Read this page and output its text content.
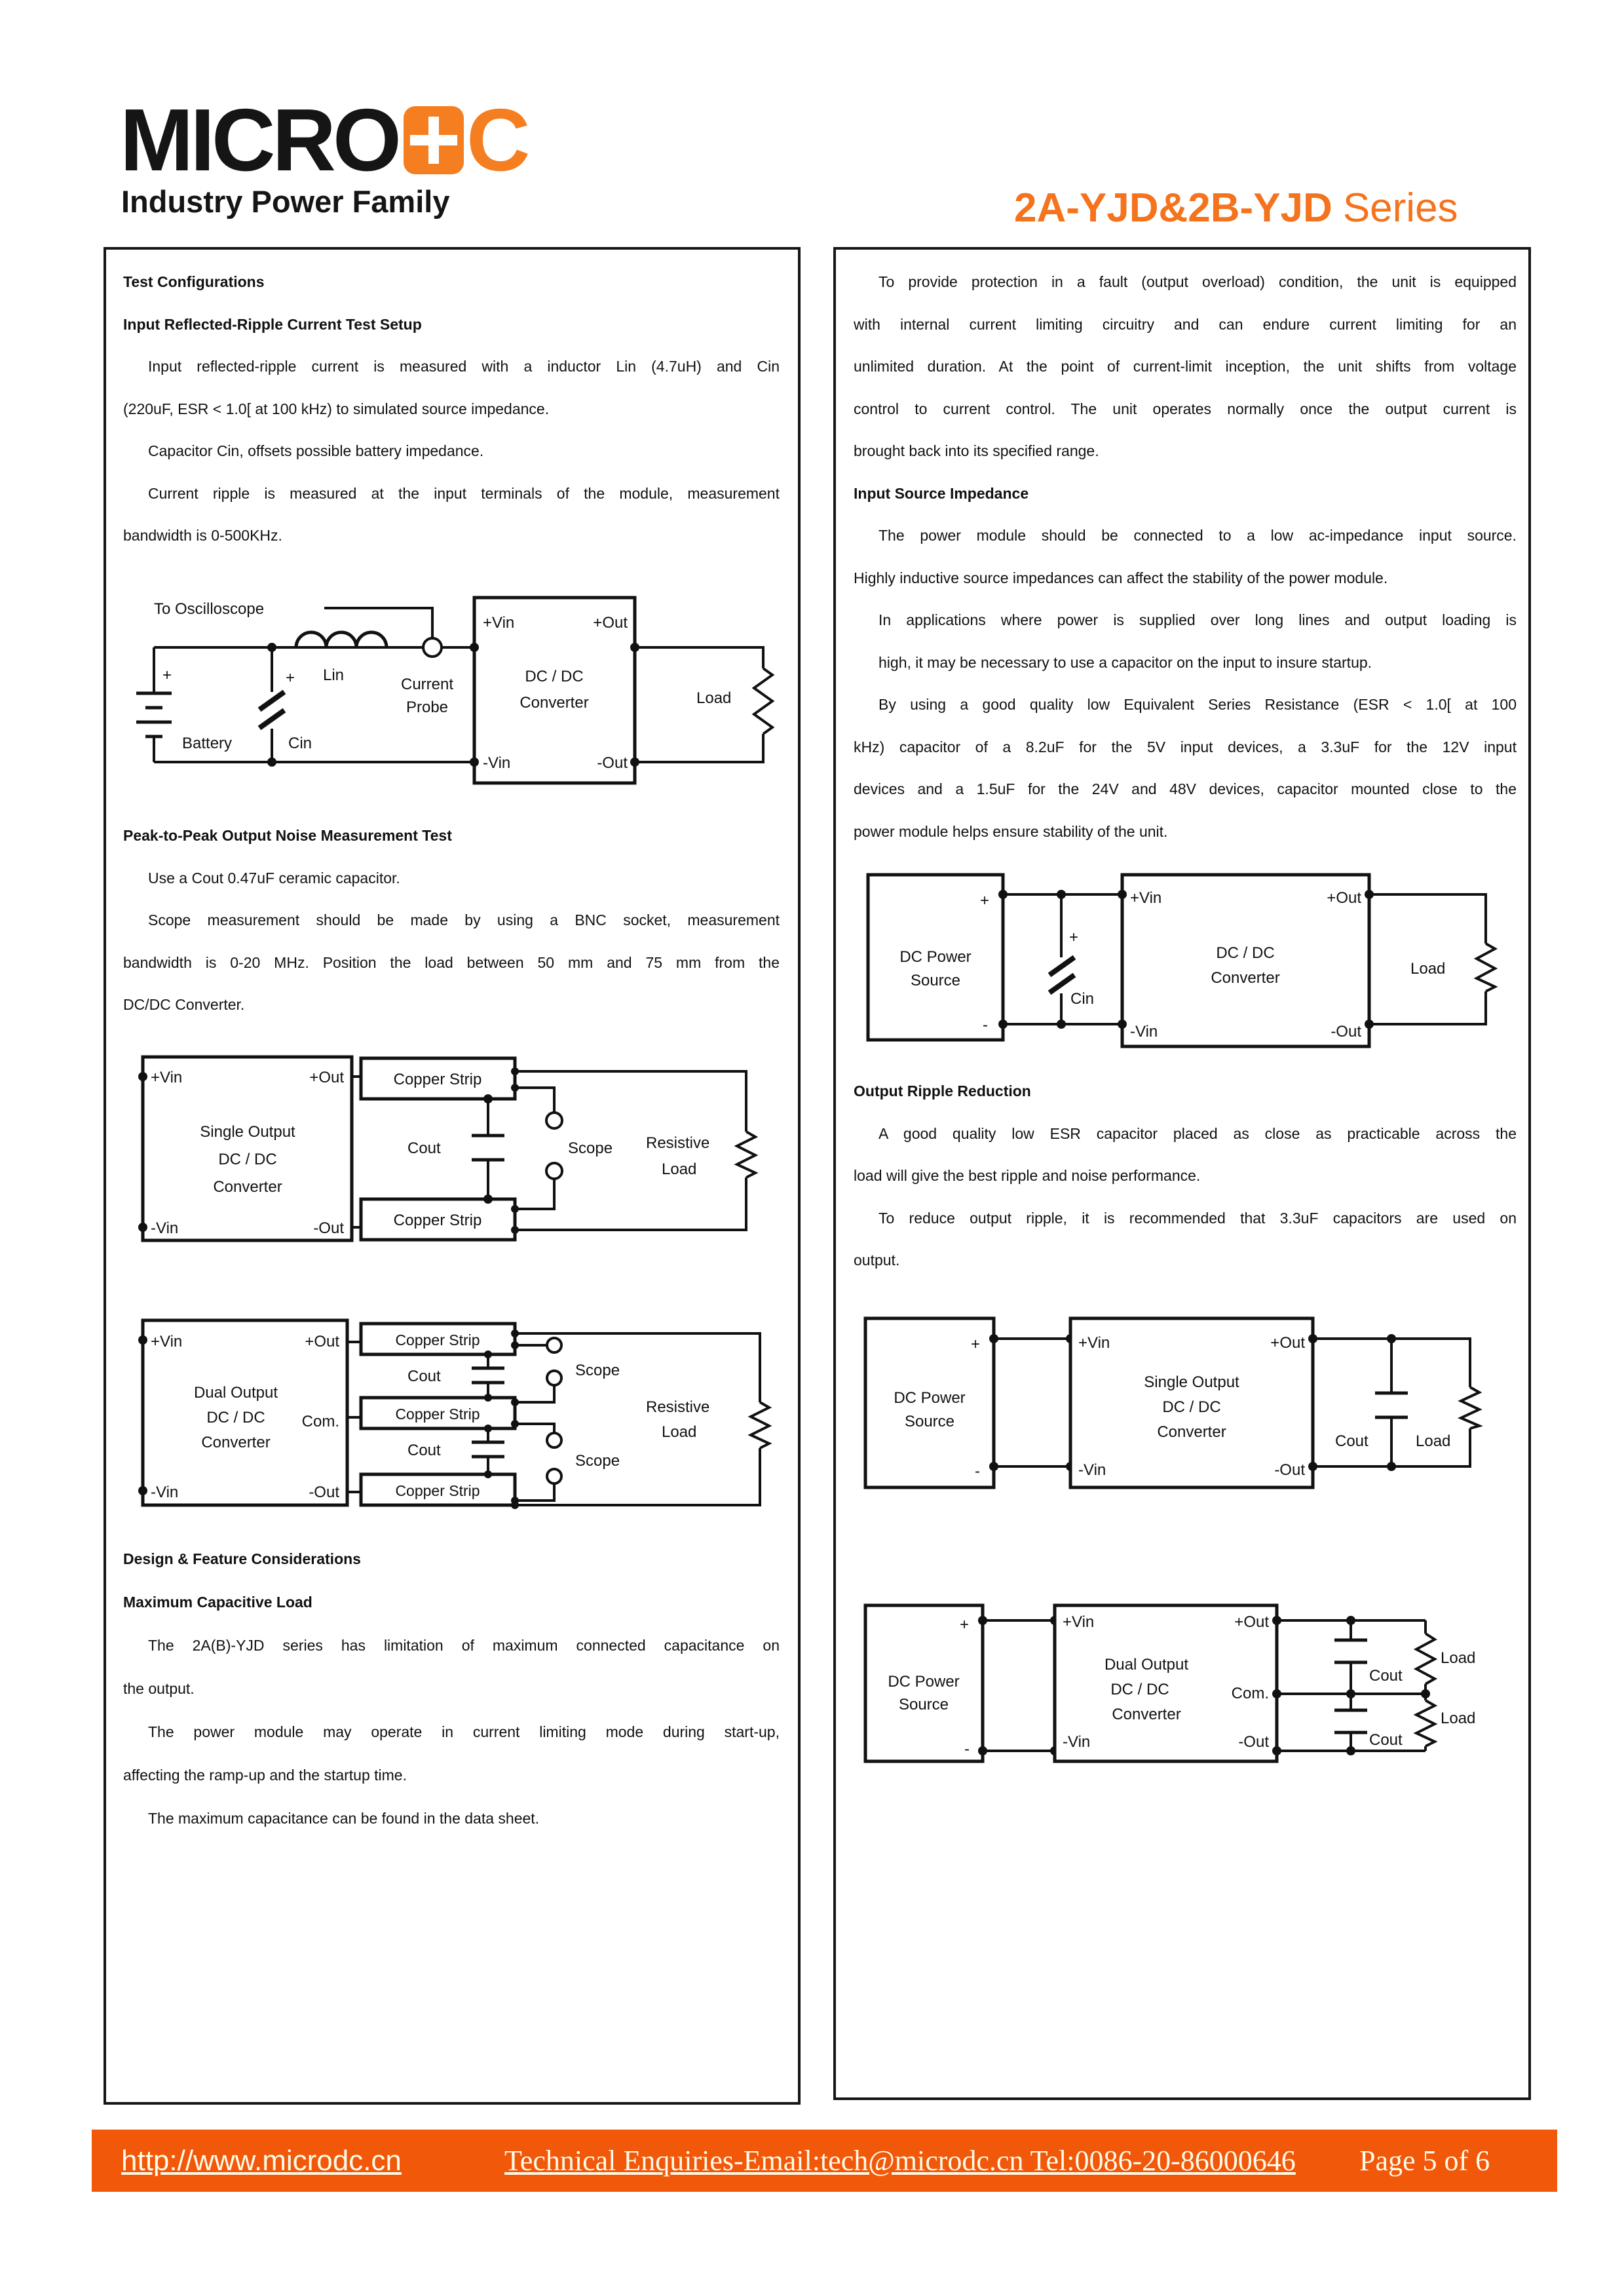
MICRO C
Industry Power Family	2A-YJD&2B-YJD Series
Test Configurations
Input Reflected-Ripple Current Test Setup
Input reflected-ripple current is measured with a inductor Lin (4.7uH) and Cin
(220uF, ESR < 1.0[ at 100 kHz) to simulated source impedance.
Capacitor Cin, offsets possible battery impedance.
Current ripple is measured at the input terminals of the module, measurement
bandwidth is 0-500KHz.
To Oscilloscope
+
Battery
+
Cin
Lin
Current
Probe
+Vin	+Out
DC / DC
Converter
-Vin	-Out
Load
Peak-to-Peak Output Noise Measurement Test
Use a Cout 0.47uF ceramic capacitor.
Scope measurement should be made by using a BNC socket, measurement
bandwidth is 0-20 MHz. Position the load between 50 mm and 75 mm from the
DC/DC Converter.
+Vin	+Out
Single Output
DC / DC
Converter
-Vin	-Out
Copper Strip
Copper Strip
Cout	Scope Resistive
Load
+Vin	+Out
Dual Output
DC / DC Com.
Converter
-Vin	-Out
Copper Strip
Copper Strip
Copper Strip
Cout
Cout
Scope
Scope
Resistive
Load
Design & Feature Considerations
Maximum Capacitive Load
The 2A(B)-YJD series has limitation of maximum connected capacitance on
the output.
The power module may operate in current limiting mode during start-up,
affecting the ramp-up and the startup time.
The maximum capacitance can be found in the data sheet.
To provide protection in a fault (output overload) condition, the unit is equipped
with internal current limiting circuitry and can endure current limiting for an
unlimited duration. At the point of current-limit inception, the unit shifts from voltage
control to current control. The unit operates normally once the output current is
brought back into its specified range.
Input Source Impedance
The power module should be connected to a low ac-impedance input source.
Highly inductive source impedances can affect the stability of the power module.
In applications where power is supplied over long lines and output loading is
high, it may be necessary to use a capacitor on the input to insure startup.
By using a good quality low Equivalent Series Resistance (ESR < 1.0[ at 100
kHz) capacitor of a 8.2uF for the 5V input devices, a 3.3uF for the 12V input
devices and a 1.5uF for the 24V and 48V devices, capacitor mounted close to the
power module helps ensure stability of the unit.
DC Power
Source
+
-
+
Cin
+Vin	+Out
DC / DC
Converter
-Vin	-Out
Load
Output Ripple Reduction
A good quality low ESR capacitor placed as close as practicable across the
load will give the best ripple and noise performance.
To reduce output ripple, it is recommended that 3.3uF capacitors are used on
output.
DC Power
Source
+
-
+Vin	+Out
Single Output
DC / DC
Converter
-Vin	-Out
Cout	Load
DC Power
Source
+
-
+Vin	+Out
Dual Output
DC / DC	Com.
Converter
-Vin	-Out
Cout
Cout
Load
Load
http://www.microdc.cn	Technical Enquiries-Email:tech@microdc.cn Tel:0086-20-86000646 Page 5 of 6
